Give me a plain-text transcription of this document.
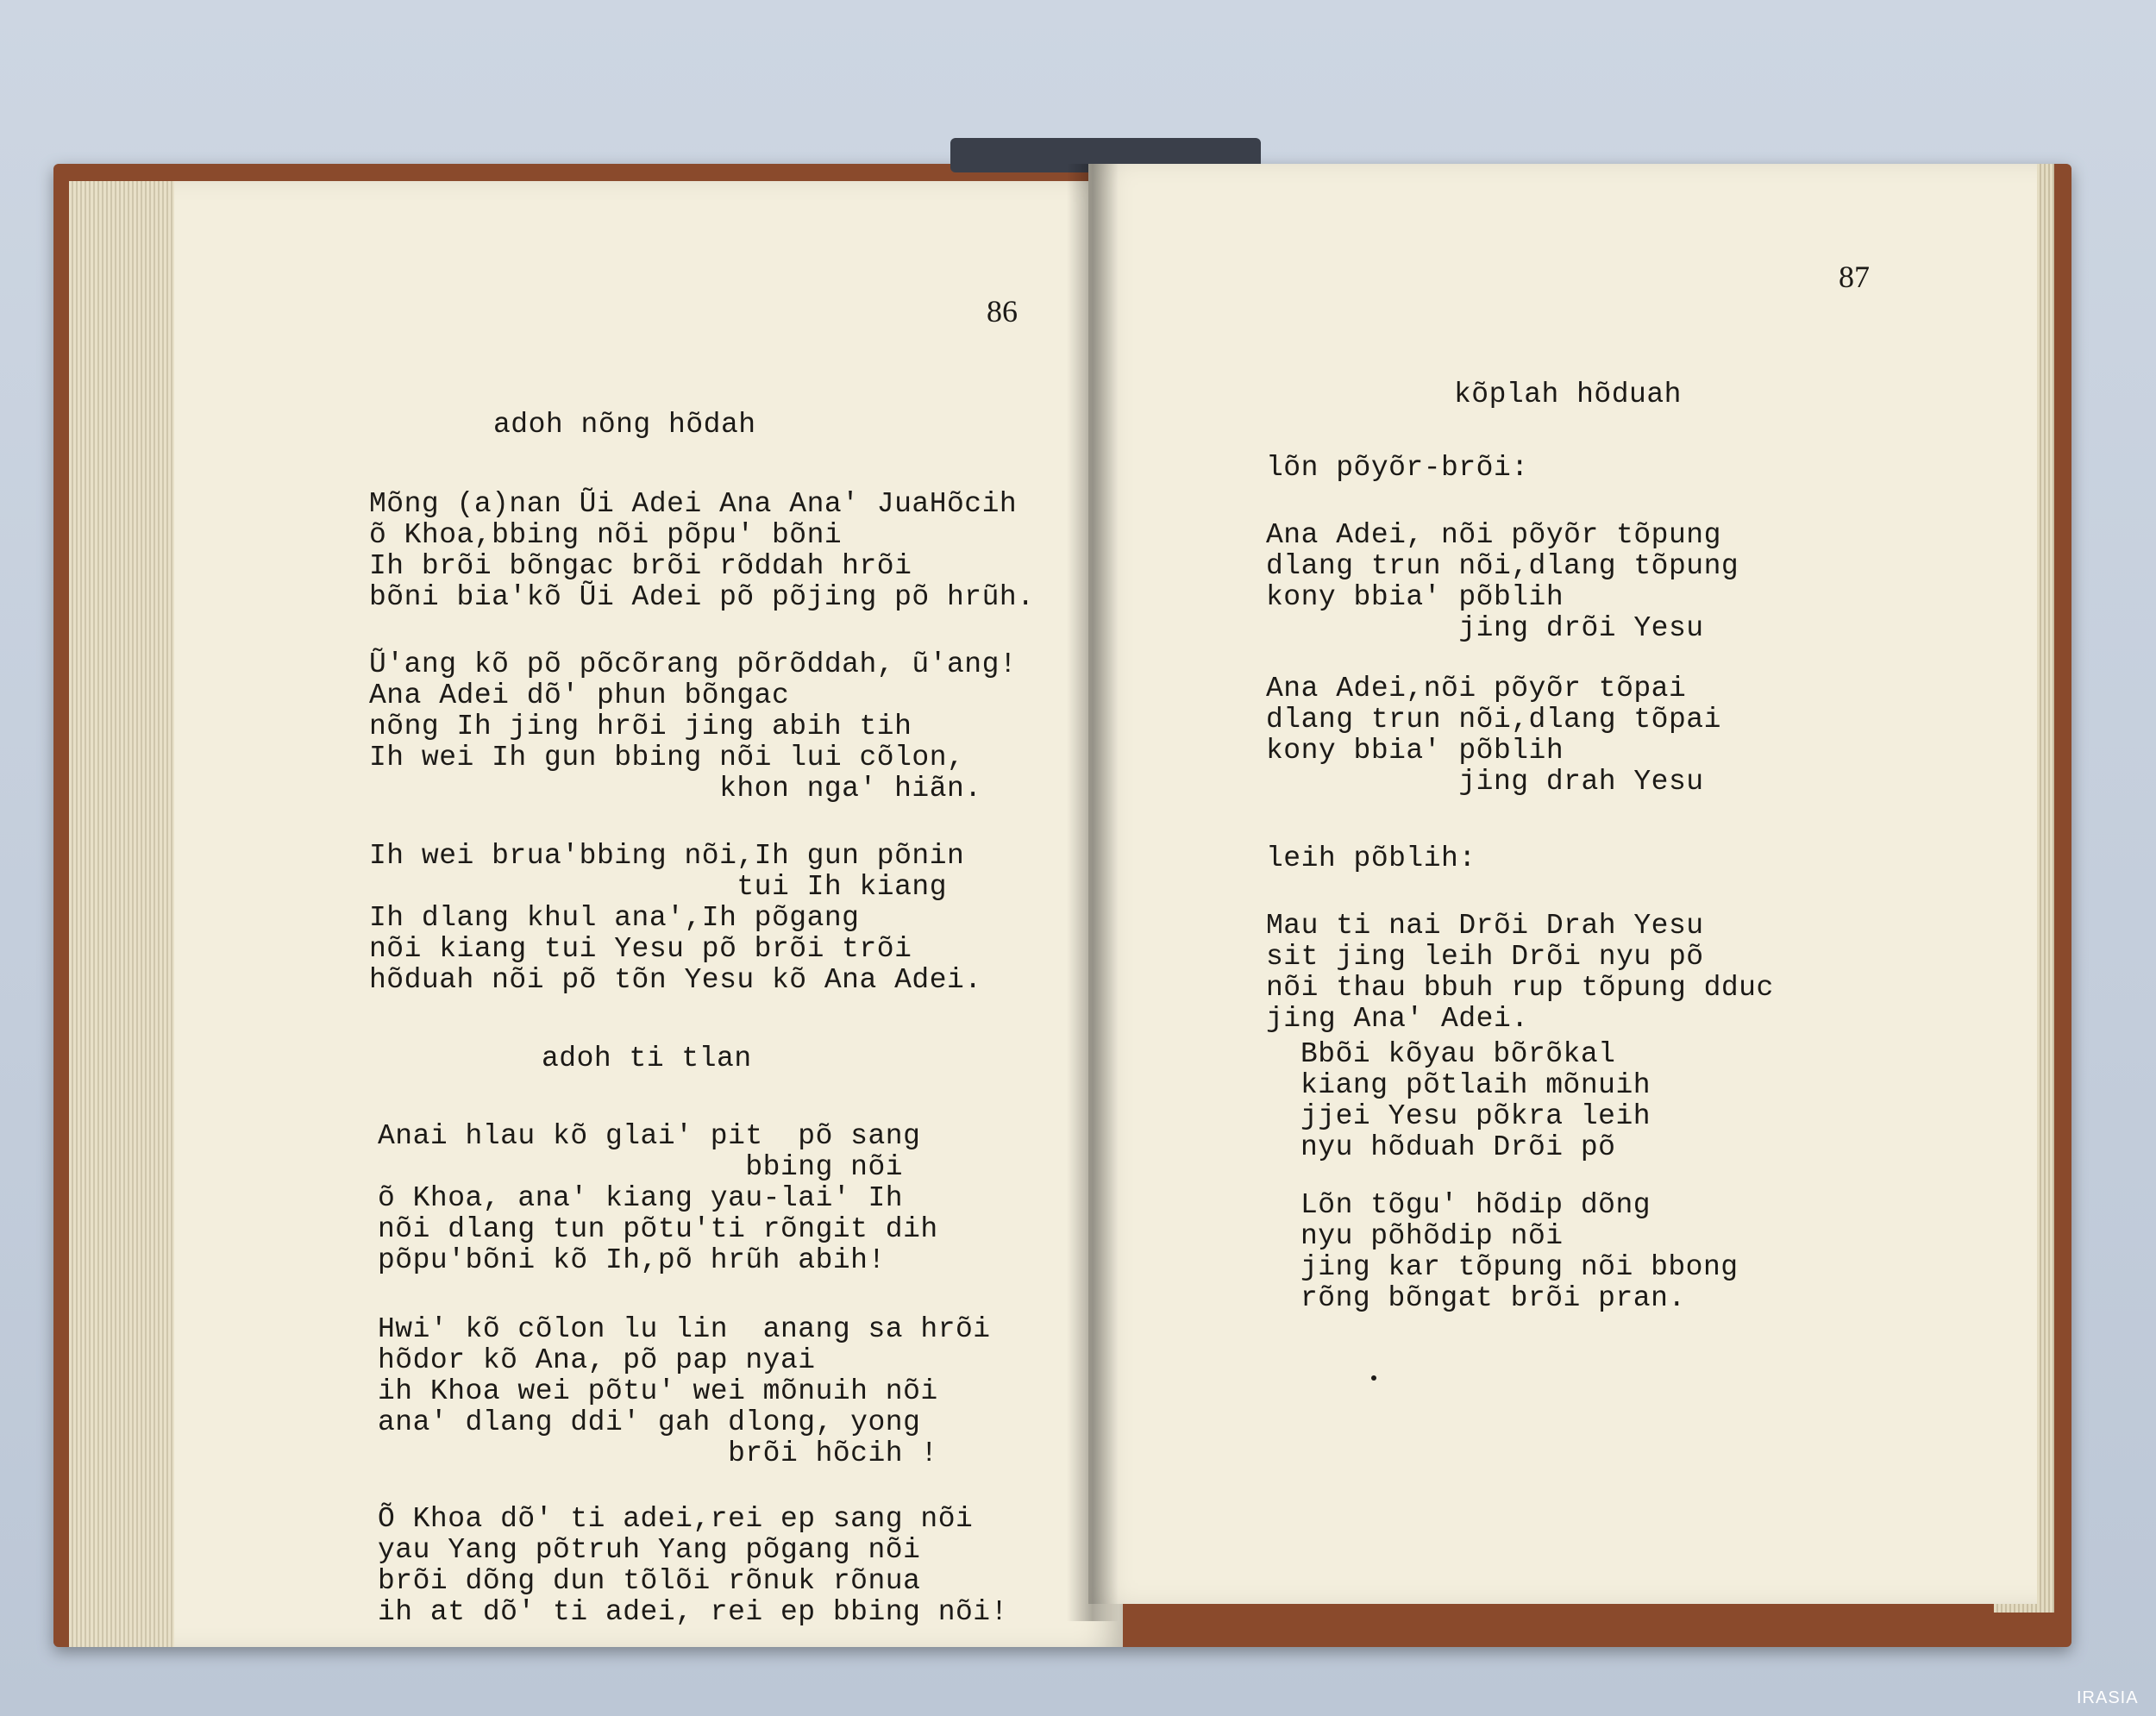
86
adoh nõng hõdah
Mõng (a)nan Ũi Adei Ana Ana' JuaHõcih
õ Khoa,bbing nõi põpu' bõni
Ih brõi bõngac brõi rõddah hrõi
bõni bia'kõ Ũi Adei põ põjing põ hrũh.
Ũ'ang kõ põ põcõrang põrõddah, ũ'ang!
Ana Adei dõ' phun bõngac
nõng Ih jing hrõi jing abih tih
Ih wei Ih gun bbing nõi lui cõlon,
khon nga' hiãn.
Ih wei brua'bbing nõi,Ih gun põnin
tui Ih kiang
Ih dlang khul ana',Ih põgang
nõi kiang tui Yesu põ brõi trõi
hõduah nõi põ tõn Yesu kõ Ana Adei.
adoh ti tlan
Anai hlau kõ glai' pit  põ sang
bbing nõi
õ Khoa, ana' kiang yau-lai' Ih
nõi dlang tun põtu'ti rõngit dih
põpu'bõni kõ Ih,põ hrũh abih!
Hwi' kõ cõlon lu lin  anang sa hrõi
hõdor kõ Ana, põ pap nyai
ih Khoa wei põtu' wei mõnuih nõi
ana' dlang ddi' gah dlong, yong
brõi hõcih !
Õ Khoa dõ' ti adei,rei ep sang nõi
yau Yang põtruh Yang põgang nõi
brõi dõng dun tõlõi rõnuk rõnua
ih at dõ' ti adei, rei ep bbing nõi!
87
kõplah hõduah
lõn põyõr-brõi:
Ana Adei, nõi põyõr tõpung
dlang trun nõi,dlang tõpung
kony bbia' põblih
jing drõi Yesu
Ana Adei,nõi põyõr tõpai
dlang trun nõi,dlang tõpai
kony bbia' põblih
jing drah Yesu
leih põblih:
Mau ti nai Drõi Drah Yesu
sit jing leih Drõi nyu põ
nõi thau bbuh rup tõpung dduc
jing Ana' Adei.
Bbõi kõyau bõrõkal
kiang põtlaih mõnuih
jjei Yesu põkra leih
nyu hõduah Drõi põ
Lõn tõgu' hõdip dõng
nyu põhõdip nõi
jing kar tõpung nõi bbong
rõng bõngat brõi pran.
IRASIA
